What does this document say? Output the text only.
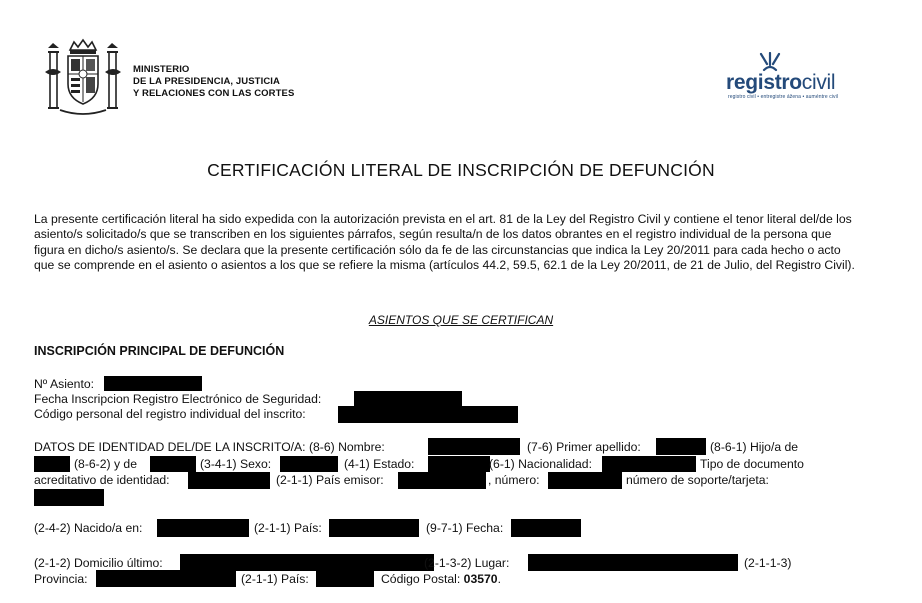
MINISTERIO
DE LA PRESIDENCIA, JUSTICIA
Y RELACIONES CON LAS CORTES	registrocivil
registro civil • entregistre ážena • auméntre civil
CERTIFICACIÓN LITERAL DE INSCRIPCIÓN DE DEFUNCIÓN
La presente certificación literal ha sido expedida con la autorización prevista en el art. 81 de la Ley del Registro Civil y contiene el tenor literal del/de los asiento/s solicitado/s que se transcriben en los siguientes párrafos, según resulta/n de los datos obrantes en el registro individual de la persona que figura en dicho/s asiento/s. Se declara que la presente certificación sólo da fe de las circunstancias que indica la Ley 20/2011 para cada hecho o acto que se comprende en el asiento o asientos a los que se refiere la misma (artículos 44.2, 59.5, 62.1 de la Ley 20/2011, de 21 de Julio, del Registro Civil).
ASIENTOS QUE SE CERTIFICAN
INSCRIPCIÓN PRINCIPAL DE DEFUNCIÓN
Nº Asiento:
Fecha Inscripcion Registro Electrónico de Seguridad:
Código personal del registro individual del inscrito:
DATOS DE IDENTIDAD DEL/DE LA INSCRITO/A: (8-6) Nombre:	(7-6) Primer apellido:	(8-6-1) Hijo/a de
(8-6-2) y de	(3-4-1) Sexo:	(4-1) Estado:	(6-1) Nacionalidad:	Tipo de documento
acreditativo de identidad:	(2-1-1) País emisor:	, número:	número de soporte/tarjeta:
(2-4-2) Nacido/a en:	(2-1-1) País:	(9-7-1) Fecha:
(2-1-2) Domicilio último:	(2-1-3-2) Lugar:	(2-1-1-3)
Provincia:	(2-1-1) País:	Código Postal: 03570.
